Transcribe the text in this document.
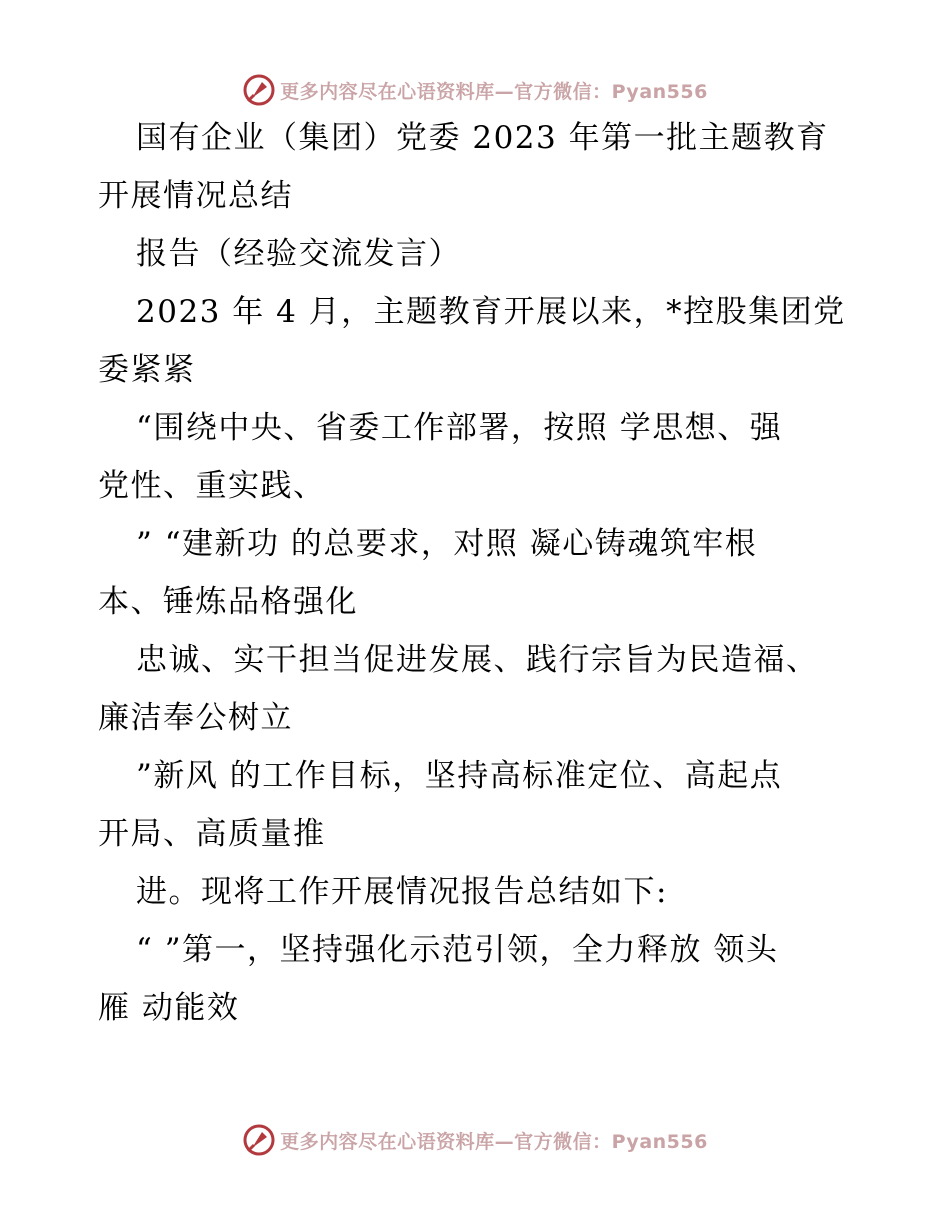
更多内容尽在心语资料库—官方微信：Pyan556
国有企业（集团）党委 2023 年第一批主题教育
开展情况总结
报告（经验交流发言）
2023 年 4 月，主题教育开展以来，*控股集团党
委紧紧
“围绕中央、省委工作部署，按照 学思想、强
党性、重实践、
” “建新功 的总要求，对照 凝心铸魂筑牢根
本、锤炼品格强化
忠诚、实干担当促进发展、践行宗旨为民造福、
廉洁奉公树立
”新风 的工作目标，坚持高标准定位、高起点
开局、高质量推
进。现将工作开展情况报告总结如下:
“ ”第一，坚持强化示范引领，全力释放 领头
雁 动能效
更多内容尽在心语资料库—官方微信：Pyan556
